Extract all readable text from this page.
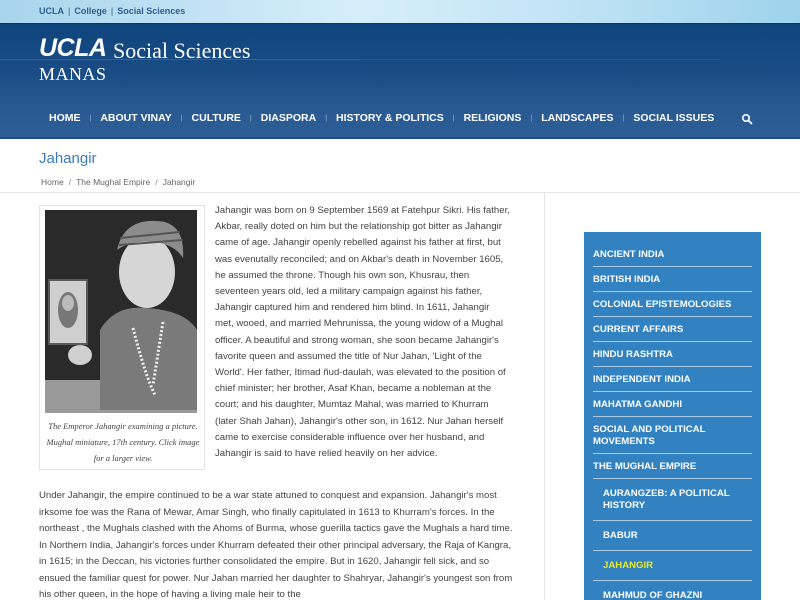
UCLA | College | Social Sciences
UCLA Social Sciences
MANAS
HOME	| ABOUT VINAY	| CULTURE	| DIASPORA	| HISTORY & POLITICS	| RELIGIONS	| LANDSCAPES	| SOCIAL ISSUES
Jahangir
Home / The Mughal Empire / Jahangir
The Emperor Jahangir examining a picture. Mughal miniature, 17th century. Click image for a larger view.

Jahangir was born on 9 September 1569 at Fatehpur Sikri. His father, Akbar, really doted on him but the relationship got bitter as Jahangir came of age. Jahangir openly rebelled against his father at first, but was evenutally reconciled; and on Akbar's death in November 1605, he assumed the throne. Though his own son, Khusrau, then seventeen years old, led a military campaign against his father, Jahangir captured him and rendered him blind. In 1611, Jahangir met, wooed, and married Mehrunissa, the young widow of a Mughal officer. A beautiful and strong woman, she soon became Jahangir's favorite queen and assumed the title of Nur Jahan, 'Light of the World'. Her father, Itimad ñud-daulah, was elevated to the position of chief minister; her brother, Asaf Khan, became a nobleman at the court; and his daughter, Mumtaz Mahal, was married to Khurram (later Shah Jahan), Jahangir's other son, in 1612. Nur Jahan herself came to exercise considerable influence over her husband, and Jahangir is said to have relied heavily on her advice.

Under Jahangir, the empire continued to be a war state attuned to conquest and expansion. Jahangir's most irksome foe was the Rana of Mewar, Amar Singh, who finally capitulated in 1613 to Khurram's forces. In the northeast , the Mughals clashed with the Ahoms of Burma, whose guerilla tactics gave the Mughals a hard time. In Northern India, Jahangir's forces under Khurram defeated their other principal adversary, the Raja of Kangra, in 1615; in the Deccan, his victories further consolidated the empire. But in 1620, Jahangir fell sick, and so ensued the familiar quest for power. Nur Jahan married her daughter to Shahryar, Jahangir's youngest son from his other queen, in the hope of having a living male heir to the

ANCIENT INDIA
BRITISH INDIA
COLONIAL EPISTEMOLOGIES
CURRENT AFFAIRS
HINDU RASHTRA
INDEPENDENT INDIA
MAHATMA GANDHI
SOCIAL AND POLITICAL MOVEMENTS
THE MUGHAL EMPIRE
AURANGZEB: A POLITICAL HISTORY
BABUR
JAHANGIR
MAHMUD OF GHAZNI
